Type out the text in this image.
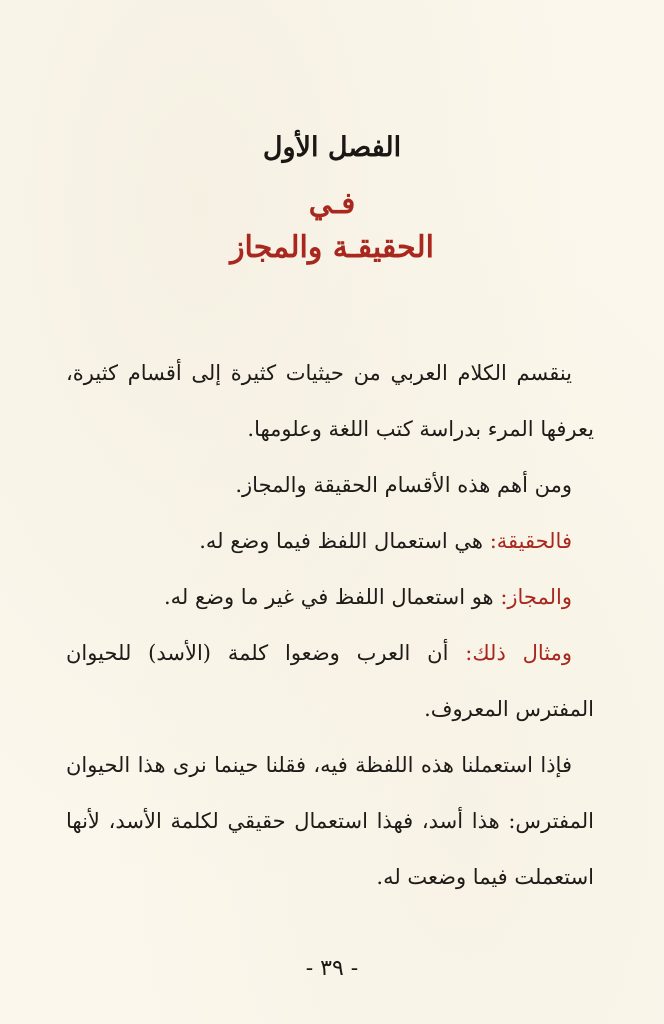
الفصل الأول
فـي
الحقيقـة والمجاز

ينقسم الكلام العربي من حيثيات كثيرة إلى أقسام كثيرة، يعرفها المرء بدراسة كتب اللغة وعلومها.

ومن أهم هذه الأقسام الحقيقة والمجاز.

فالحقيقة: هي استعمال اللفظ فيما وضع له.

والمجاز: هو استعمال اللفظ في غير ما وضع له.

ومثال ذلك: أن العرب وضعوا كلمة (الأسد) للحيوان المفترس المعروف.

فإذا استعملنا هذه اللفظة فيه، فقلنا حينما نرى هذا الحيوان المفترس: هذا أسد، فهذا استعمال حقيقي لكلمة الأسد، لأنها استعملت فيما وضعت له.

- ٣٩ -
